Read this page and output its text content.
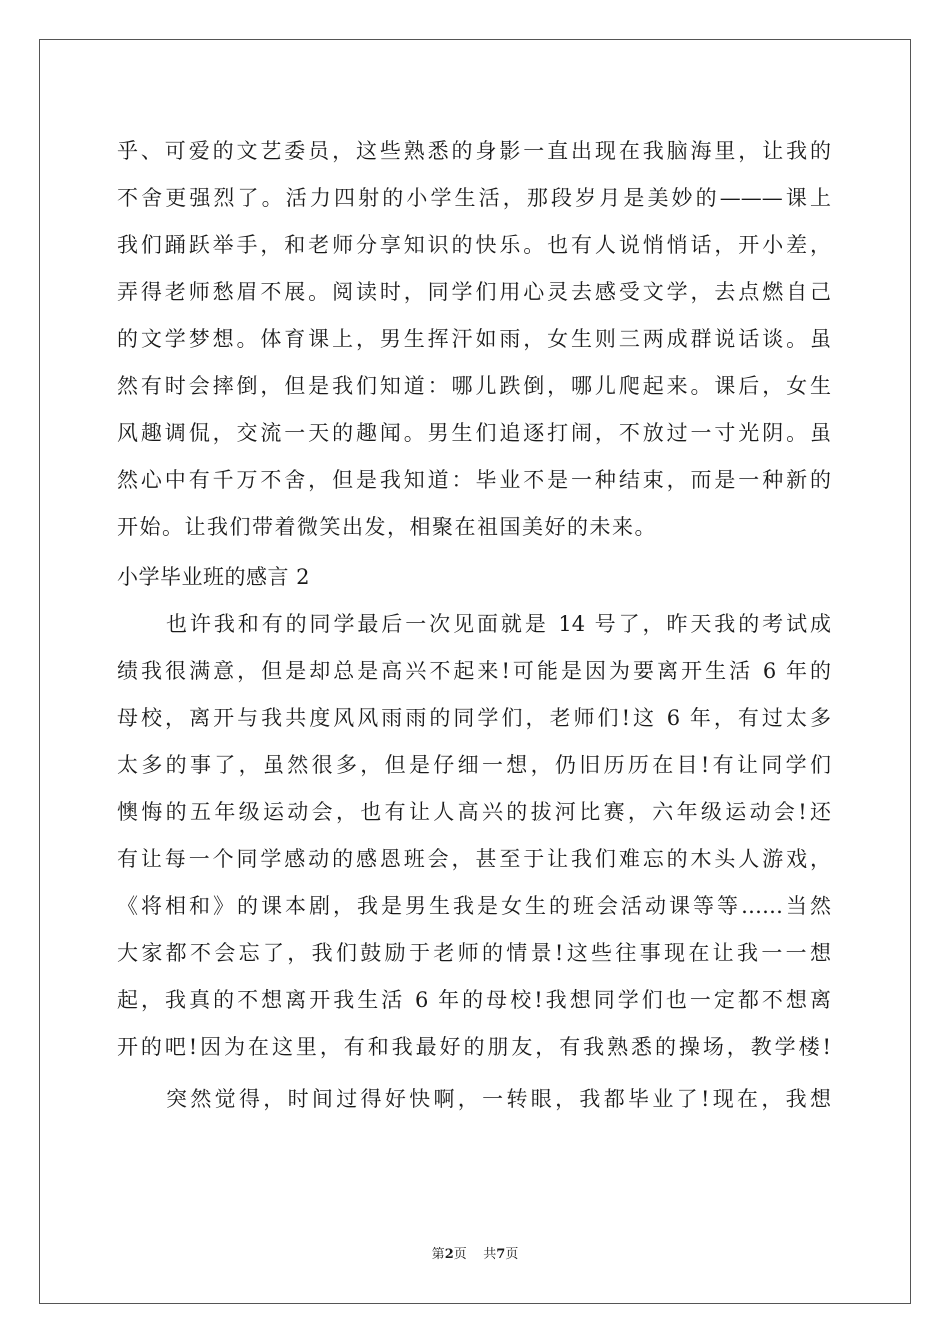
乎、可爱的文艺委员，这些熟悉的身影一直出现在我脑海里，让我的
不舍更强烈了。活力四射的小学生活，那段岁月是美妙的———课上
我们踊跃举手，和老师分享知识的快乐。也有人说悄悄话，开小差，
弄得老师愁眉不展。阅读时，同学们用心灵去感受文学，去点燃自己
的文学梦想。体育课上，男生挥汗如雨，女生则三两成群说话谈。虽
然有时会摔倒，但是我们知道：哪儿跌倒，哪儿爬起来。课后，女生
风趣调侃，交流一天的趣闻。男生们追逐打闹，不放过一寸光阴。虽
然心中有千万不舍，但是我知道：毕业不是一种结束，而是一种新的
开始。让我们带着微笑出发，相聚在祖国美好的未来。
小学毕业班的感言 2
也许我和有的同学最后一次见面就是 14 号了，昨天我的考试成
绩我很满意，但是却总是高兴不起来!可能是因为要离开生活 6 年的
母校，离开与我共度风风雨雨的同学们，老师们!这 6 年，有过太多
太多的事了，虽然很多，但是仔细一想，仍旧历历在目!有让同学们
懊悔的五年级运动会，也有让人高兴的拔河比赛，六年级运动会!还
有让每一个同学感动的感恩班会，甚至于让我们难忘的木头人游戏，
《将相和》的课本剧，我是男生我是女生的班会活动课等等……当然
大家都不会忘了，我们鼓励于老师的情景!这些往事现在让我一一想
起，我真的不想离开我生活 6 年的母校!我想同学们也一定都不想离
开的吧!因为在这里，有和我最好的朋友，有我熟悉的操场，教学楼!
突然觉得，时间过得好快啊，一转眼，我都毕业了!现在，我想
第2页    共7页
